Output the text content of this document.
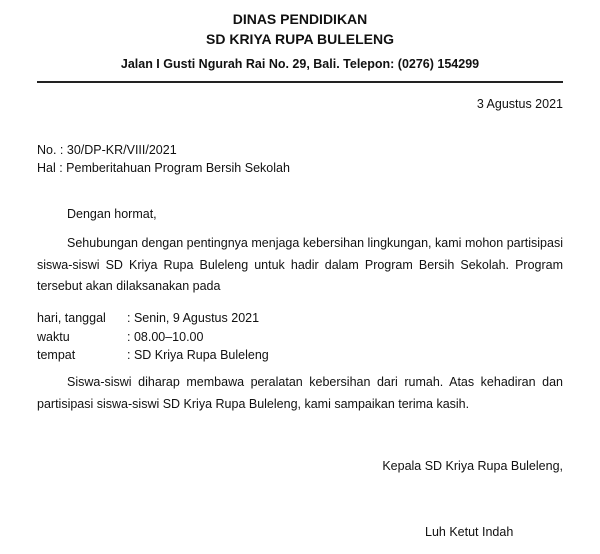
DINAS PENDIDIKAN
SD KRIYA RUPA BULELENG
Jalan I Gusti Ngurah Rai No. 29, Bali. Telepon: (0276) 154299
3 Agustus 2021
No. : 30/DP-KR/VIII/2021
Hal : Pemberitahuan Program Bersih Sekolah
Dengan hormat,
Sehubungan dengan pentingnya menjaga kebersihan lingkungan, kami mohon partisipasi siswa-siswi SD Kriya Rupa Buleleng untuk hadir dalam Program Bersih Sekolah. Program tersebut akan dilaksanakan pada
hari, tanggal	: Senin, 9 Agustus 2021
waktu	: 08.00–10.00
tempat	: SD Kriya Rupa Buleleng
Siswa-siswi diharap membawa peralatan kebersihan dari rumah. Atas kehadiran dan partisipasi siswa-siswi SD Kriya Rupa Buleleng, kami sampaikan terima kasih.
Kepala SD Kriya Rupa Buleleng,
Luh Ketut Indah
